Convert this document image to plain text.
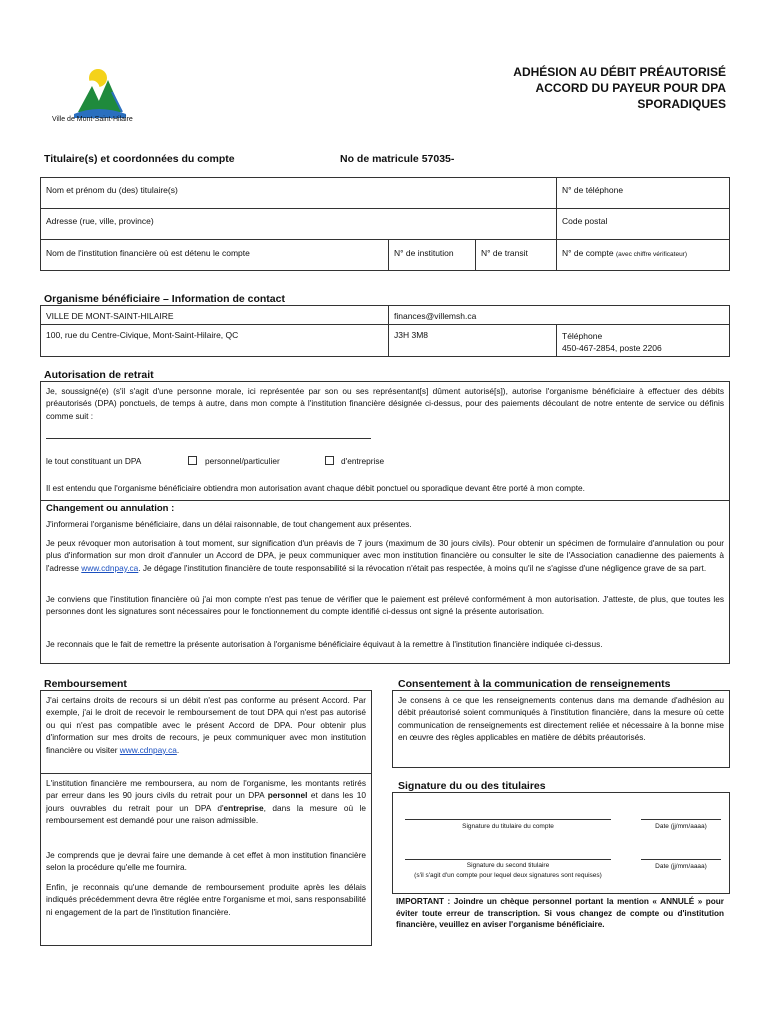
Ville de Mont-Saint-Hilaire
ADHÉSION AU DÉBIT PRÉAUTORISÉ
ACCORD DU PAYEUR POUR DPA
SPORADIQUES
Titulaire(s) et coordonnées du compte	No de matricule 57035-
Nom et prénom du (des) titulaire(s)	N° de téléphone
Adresse (rue, ville, province)	Code postal
Nom de l'institution financière où est détenu le compte	N° de institution	N° de transit	N° de compte (avec chiffre vérificateur)
Organisme bénéficiaire – Information de contact
VILLE DE MONT-SAINT-HILAIRE	finances@villemsh.ca
100, rue du Centre-Civique, Mont-Saint-Hilaire, QC	J3H 3M8	Téléphone
450-467-2854, poste 2206
Autorisation de retrait
Je, soussigné(e) (s'il s'agit d'une personne morale, ici représentée par son ou ses représentant[s] dûment autorisé[s]), autorise l'organisme bénéficiaire à effectuer des débits préautorisés (DPA) ponctuels, de temps à autre, dans mon compte à l'institution financière désignée ci-dessus, pour des paiements découlant de notre entente de service ou définis comme suit :
le tout constituant un DPA	personnel/particulier	d'entreprise
Il est entendu que l'organisme bénéficiaire obtiendra mon autorisation avant chaque débit ponctuel ou sporadique devant être porté à mon compte.
Changement ou annulation :
J'informerai l'organisme bénéficiaire, dans un délai raisonnable, de tout changement aux présentes.
Je peux révoquer mon autorisation à tout moment, sur signification d'un préavis de 7 jours (maximum de 30 jours civils). Pour obtenir un spécimen de formulaire d'annulation ou pour plus d'information sur mon droit d'annuler un Accord de DPA, je peux communiquer avec mon institution financière ou consulter le site de l'Association canadienne des paiements à l'adresse www.cdnpay.ca. Je dégage l'institution financière de toute responsabilité si la révocation n'était pas respectée, à moins qu'il ne s'agisse d'une négligence grave de sa part.
Je conviens que l'institution financière où j'ai mon compte n'est pas tenue de vérifier que le paiement est prélevé conformément à mon autorisation. J'atteste, de plus, que toutes les personnes dont les signatures sont nécessaires pour le fonctionnement du compte identifié ci-dessus ont signé la présente autorisation.
Je reconnais que le fait de remettre la présente autorisation à l'organisme bénéficiaire équivaut à la remettre à l'institution financière indiquée ci-dessus.
Remboursement
J'ai certains droits de recours si un débit n'est pas conforme au présent Accord. Par exemple, j'ai le droit de recevoir le remboursement de tout DPA qui n'est pas autorisé ou qui n'est pas compatible avec le présent Accord de DPA. Pour obtenir plus d'information sur mes droits de recours, je peux communiquer avec mon institution financière ou visiter www.cdnpay.ca.
L'institution financière me remboursera, au nom de l'organisme, les montants retirés par erreur dans les 90 jours civils du retrait pour un DPA personnel et dans les 10 jours ouvrables du retrait pour un DPA d'entreprise, dans la mesure où le remboursement est demandé pour une raison admissible.
Je comprends que je devrai faire une demande à cet effet à mon institution financière selon la procédure qu'elle me fournira.
Enfin, je reconnais qu'une demande de remboursement produite après les délais indiqués précédemment devra être réglée entre l'organisme et moi, sans responsabilité ni engagement de la part de l'institution financière.
Consentement à la communication de renseignements
Je consens à ce que les renseignements contenus dans ma demande d'adhésion au débit préautorisé soient communiqués à l'institution financière, dans la mesure où cette communication de renseignements est directement reliée et nécessaire à la bonne mise en œuvre des règles applicables en matière de débits préautorisés.
Signature du ou des titulaires
Signature du titulaire du compte	Date (jj/mm/aaaa)
Signature du second titulaire
(s'il s'agit d'un compte pour lequel deux signatures sont requises)
Date (jj/mm/aaaa)
IMPORTANT : Joindre un chèque personnel portant la mention « ANNULÉ » pour éviter toute erreur de transcription. Si vous changez de compte ou d'institution financière, veuillez en aviser l'organisme bénéficiaire.
